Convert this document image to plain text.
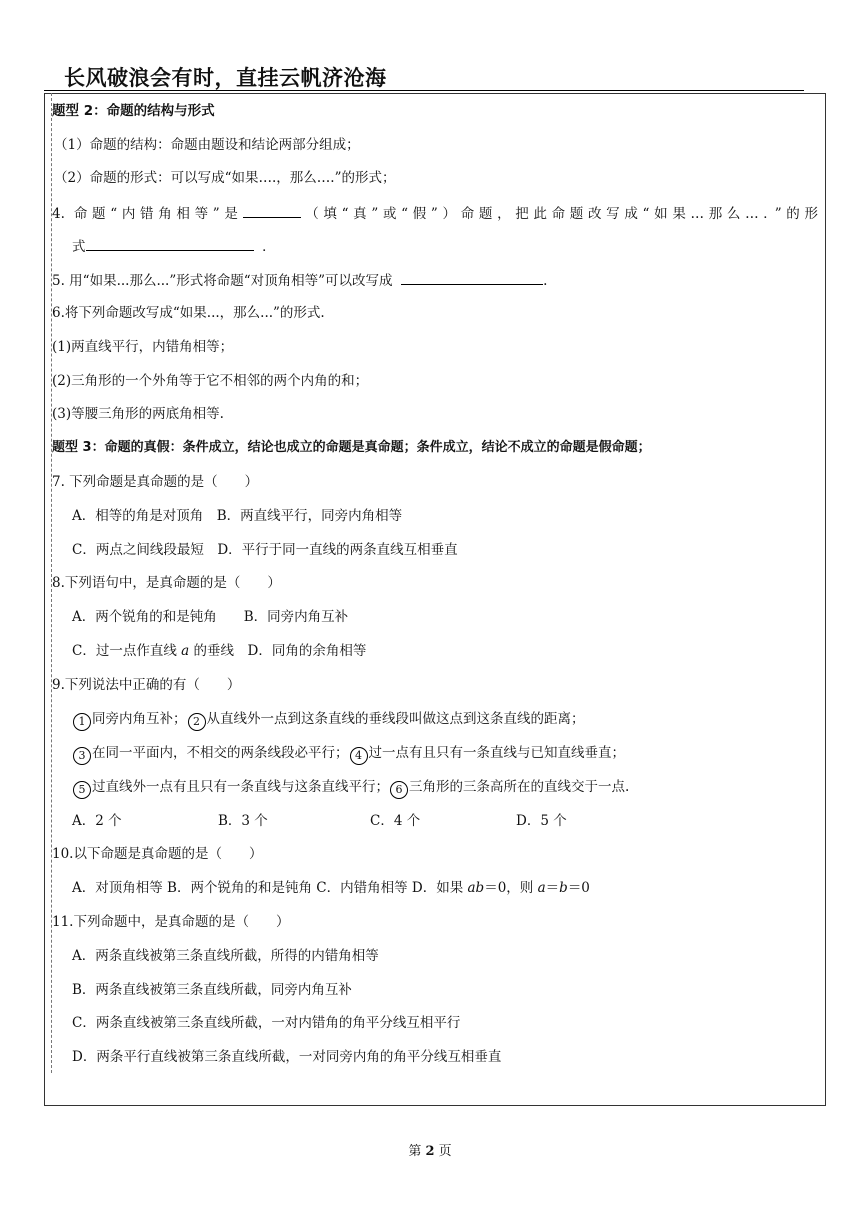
长风破浪会有时，直挂云帆济沧海
题型 2：命题的结构与形式
（1）命题的结构：命题由题设和结论两部分组成；
（2）命题的形式：可以写成“如果….，那么….”的形式；
4. 命题“内错角相等”是	（填“真”或“假”）命题，把此命题改写成“如果…那么…．”的形
式	．
5. 用“如果...那么...”形式将命题“对顶角相等”可以改写成	.
6.将下列命题改写成“如果...，那么...”的形式.
(1)两直线平行，内错角相等；
(2)三角形的一个外角等于它不相邻的两个内角的和；
(3)等腰三角形的两底角相等.
题型 3：命题的真假：条件成立，结论也成立的命题是真命题；条件成立，结论不成立的命题是假命题；
7. 下列命题是真命题的是（　　）
A．相等的角是对顶角　B．两直线平行，同旁内角相等
C．两点之间线段最短　D．平行于同一直线的两条直线互相垂直
8.下列语句中，是真命题的是（　　）
A．两个锐角的和是钝角　　B．同旁内角互补
C．过一点作直线 a 的垂线　D．同角的余角相等
9.下列说法中正确的有（　　）
1 同旁内角互补； 2 从直线外一点到这条直线的垂线段叫做这点到这条直线的距离；
3 在同一平面内，不相交的两条线段必平行； 4 过一点有且只有一条直线与已知直线垂直；
5 过直线外一点有且只有一条直线与这条直线平行； 6 三角形的三条高所在的直线交于一点.
A．2 个	B．3 个	C．4 个	D．5 个
10.以下命题是真命题的是（　　）
A．对顶角相等 B．两个锐角的和是钝角 C．内错角相等 D．如果 ab＝0，则 a＝b＝0
11.下列命题中，是真命题的是（　　）
A．两条直线被第三条直线所截，所得的内错角相等
B．两条直线被第三条直线所截，同旁内角互补
C．两条直线被第三条直线所截，一对内错角的角平分线互相平行
D．两条平行直线被第三条直线所截，一对同旁内角的角平分线互相垂直
第 2 页
